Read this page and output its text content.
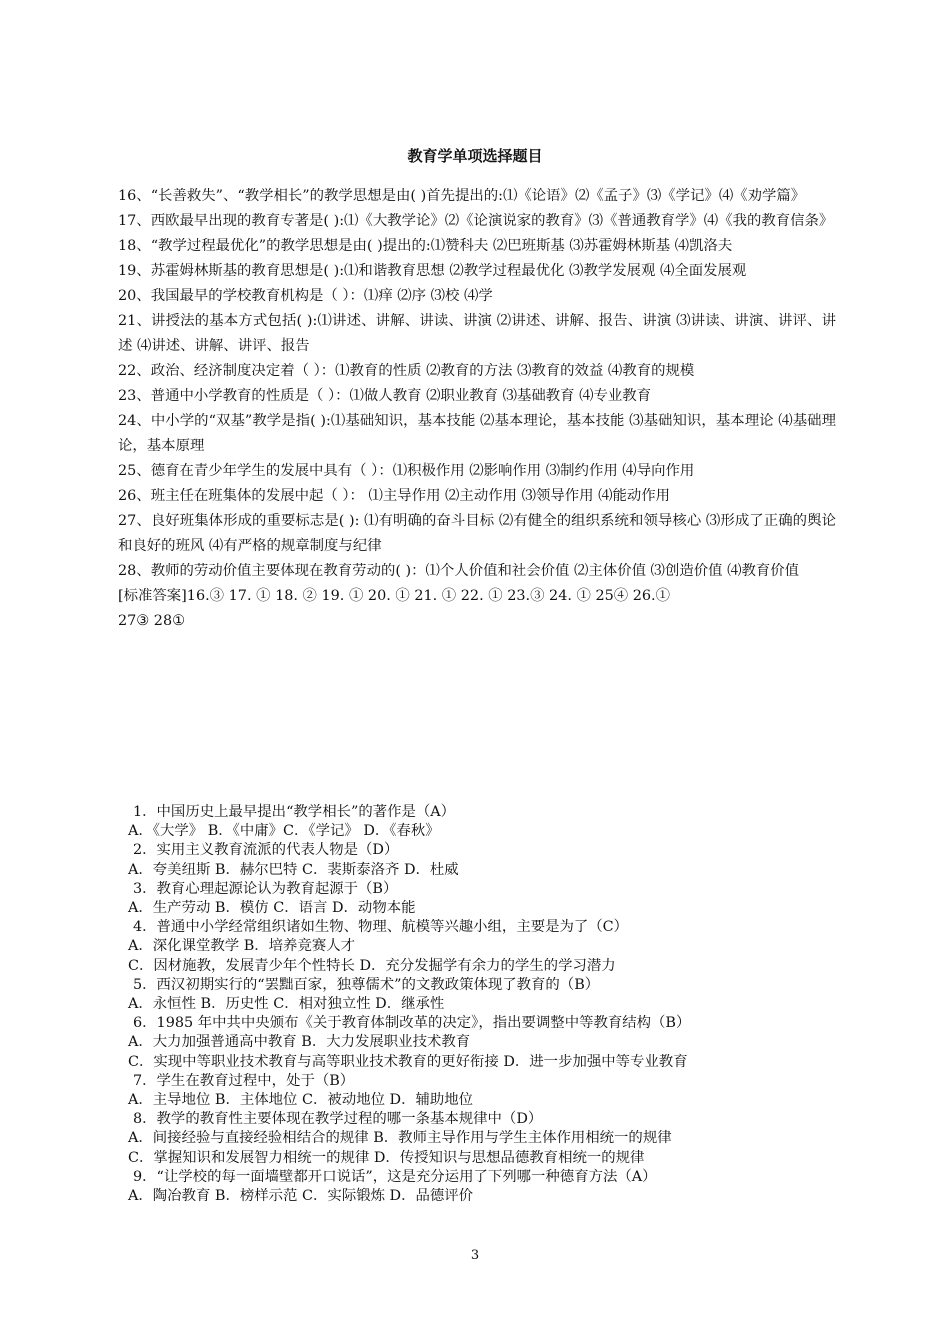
教育学单项选择题目

16、“长善救失”、“教学相长”的教学思想是由( )首先提出的:⑴《论语》⑵《孟子》⑶《学记》⑷《劝学篇》

17、西欧最早出现的教育专著是( ):⑴《大教学论》⑵《论演说家的教育》⑶《普通教育学》⑷《我的教育信条》

18、“教学过程最优化”的教学思想是由( )提出的:⑴赞科夫 ⑵巴班斯基 ⑶苏霍姆林斯基 ⑷凯洛夫

19、苏霍姆林斯基的教育思想是( ):⑴和谐教育思想 ⑵教学过程最优化 ⑶教学发展观 ⑷全面发展观

20、我国最早的学校教育机构是（ ）：⑴痒 ⑵序 ⑶校 ⑷学

21、讲授法的基本方式包括( ):⑴讲述、讲解、讲读、讲演 ⑵讲述、讲解、报告、讲演 ⑶讲读、讲演、讲评、讲述 ⑷讲述、讲解、讲评、报告

22、政治、经济制度决定着（ ）：⑴教育的性质 ⑵教育的方法 ⑶教育的效益 ⑷教育的规模

23、普通中小学教育的性质是（ ）：⑴做人教育 ⑵职业教育 ⑶基础教育 ⑷专业教育

24、中小学的“双基”教学是指( ):⑴基础知识，基本技能 ⑵基本理论，基本技能 ⑶基础知识，基本理论 ⑷基础理论，基本原理

25、德育在青少年学生的发展中具有（ ）：⑴积极作用 ⑵影响作用 ⑶制约作用 ⑷导向作用

26、班主任在班集体的发展中起（ ）： ⑴主导作用 ⑵主动作用 ⑶领导作用 ⑷能动作用

27、良好班集体形成的重要标志是( ): ⑴有明确的奋斗目标 ⑵有健全的组织系统和领导核心 ⑶形成了正确的舆论和良好的班风 ⑷有严格的规章制度与纪律

28、教师的劳动价值主要体现在教育劳动的( )：⑴个人价值和社会价值 ⑵主体价值 ⑶创造价值 ⑷教育价值

[标准答案]16.③ 17. ① 18. ② 19. ① 20. ① 21. ① 22. ① 23.③ 24. ① 25④ 26.①

27③ 28①

1．中国历史上最早提出“教学相长”的著作是（A）

A．《大学》 B．《中庸》C．《学记》 D．《春秋》

2．实用主义教育流派的代表人物是（D）

A．夸美纽斯 B．赫尔巴特 C．裴斯泰洛齐 D．杜威

3．教育心理起源论认为教育起源于（B）

A．生产劳动 B．模仿 C．语言 D．动物本能

4．普通中小学经常组织诸如生物、物理、航模等兴趣小组，主要是为了（C）

A．深化课堂教学 B．培养竞赛人才

C．因材施教，发展青少年个性特长 D．充分发掘学有余力的学生的学习潜力

5．西汉初期实行的“罢黜百家，独尊儒术”的文教政策体现了教育的（B）

A．永恒性 B．历史性 C．相对独立性 D．继承性

6．1985 年中共中央颁布《关于教育体制改革的决定》，指出要调整中等教育结构（B）

A．大力加强普通高中教育 B．大力发展职业技术教育

C．实现中等职业技术教育与高等职业技术教育的更好衔接 D．进一步加强中等专业教育

7．学生在教育过程中，处于（B）

A．主导地位 B．主体地位 C．被动地位 D．辅助地位

8．教学的教育性主要体现在教学过程的哪一条基本规律中（D）

A．间接经验与直接经验相结合的规律 B．教师主导作用与学生主体作用相统一的规律

C．掌握知识和发展智力相统一的规律 D．传授知识与思想品德教育相统一的规律

9．“让学校的每一面墙壁都开口说话”，这是充分运用了下列哪一种德育方法（A）

A．陶冶教育 B．榜样示范 C．实际锻炼 D．品德评价

3
